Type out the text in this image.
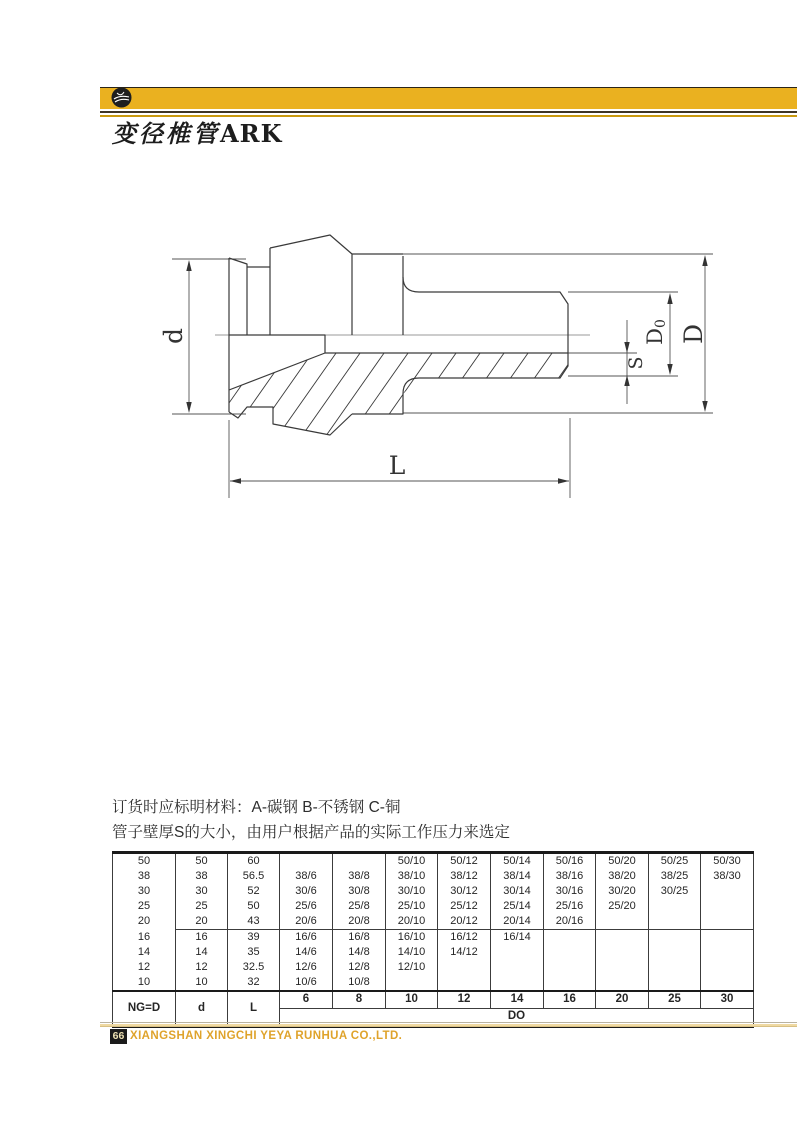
变径椎管ARK
d
L
S
D0
D
订货时应标明材料：A-碳钢 B-不锈钢 C-铜
管子壁厚S的大小，由用户根据产品的实际工作压力来选定
50	50	60			50/10	50/12	50/14	50/16	50/20	50/25	50/30
38	38	56.5	38/6	38/8	38/10	38/12	38/14	38/16	38/20	38/25	38/30
30	30	52	30/6	30/8	30/10	30/12	30/14	30/16	30/20	30/25	
25	25	50	25/6	25/8	25/10	25/12	25/14	25/16	25/20		
20	20	43	20/6	20/8	20/10	20/12	20/14	20/16			
16	16	39	16/6	16/8	16/10	16/12	16/14				
14	14	35	14/6	14/8	14/10	14/12					
12	12	32.5	12/6	12/8	12/10						
10	10	32	10/6	10/8							
NG=D	d	L	6	8	10	12	14	16	20	25	30
			DO								
66 XIANGSHAN XINGCHI YEYA RUNHUA CO.,LTD.
